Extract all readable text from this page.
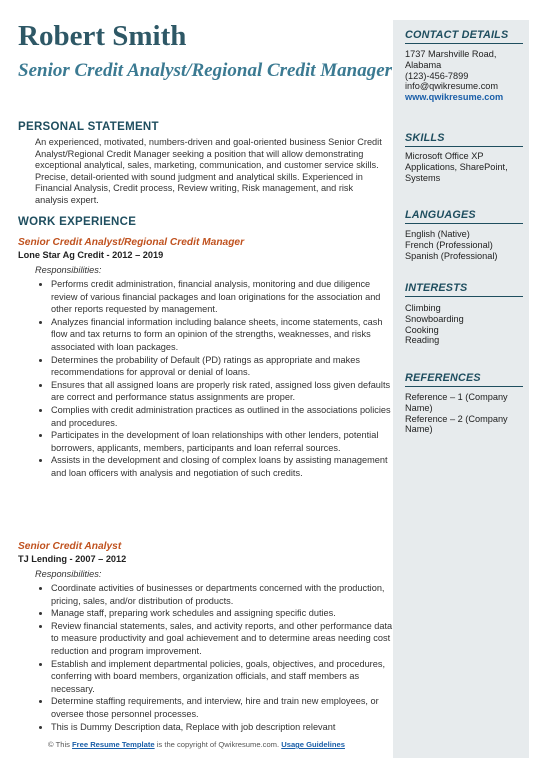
Robert Smith
Senior Credit Analyst/Regional Credit Manager
PERSONAL STATEMENT
An experienced, motivated, numbers-driven and goal-oriented business Senior Credit Analyst/Regional Credit Manager seeking a position that will allow demonstrating exceptional analytical, sales, marketing, communication, and customer service skills. Precise, detail-oriented with sound judgment and analytical skills. Experienced in Financial Analysis, Credit process, Review writing, Risk management, and risk analysis expert.
WORK EXPERIENCE
Senior Credit Analyst/Regional Credit Manager
Lone Star Ag Credit - 2012 – 2019
Responsibilities:
• Performs credit administration, financial analysis, monitoring and due diligence review of various financial packages and loan originations for the association and other reports requested by management.
• Analyzes financial information including balance sheets, income statements, cash flow and tax returns to form an opinion of the strengths, weaknesses, and risks associated with loan packages.
• Determines the probability of Default (PD) ratings as appropriate and makes recommendations for approval or denial of loans.
• Ensures that all assigned loans are properly risk rated, assigned loss given defaults are correct and performance status assignments are proper.
• Complies with credit administration practices as outlined in the associations policies and procedures.
• Participates in the development of loan relationships with other lenders, potential borrowers, applicants, members, participants and loan referral sources.
• Assists in the development and closing of complex loans by assisting management and loan officers with analysis and negotiation of such credits.
Senior Credit Analyst
TJ Lending - 2007 – 2012
Responsibilities:
• Coordinate activities of businesses or departments concerned with the production, pricing, sales, and/or distribution of products.
• Manage staff, preparing work schedules and assigning specific duties.
• Review financial statements, sales, and activity reports, and other performance data to measure productivity and goal achievement and to determine areas needing cost reduction and program improvement.
• Establish and implement departmental policies, goals, objectives, and procedures, conferring with board members, organization officials, and staff members as necessary.
• Determine staffing requirements, and interview, hire and train new employees, or oversee those personnel processes.
• This is Dummy Description data, Replace with job description relevant
© This Free Resume Template is the copyright of Qwikresume.com. Usage Guidelines
CONTACT DETAILS
1737 Marshville Road,
Alabama
(123)-456-7899
info@qwikresume.com
www.qwikresume.com
SKILLS
Microsoft Office XP Applications, SharePoint, Systems
LANGUAGES
English (Native)
French (Professional)
Spanish (Professional)
INTERESTS
Climbing
Snowboarding
Cooking
Reading
REFERENCES
Reference – 1 (Company Name)
Reference – 2 (Company Name)
